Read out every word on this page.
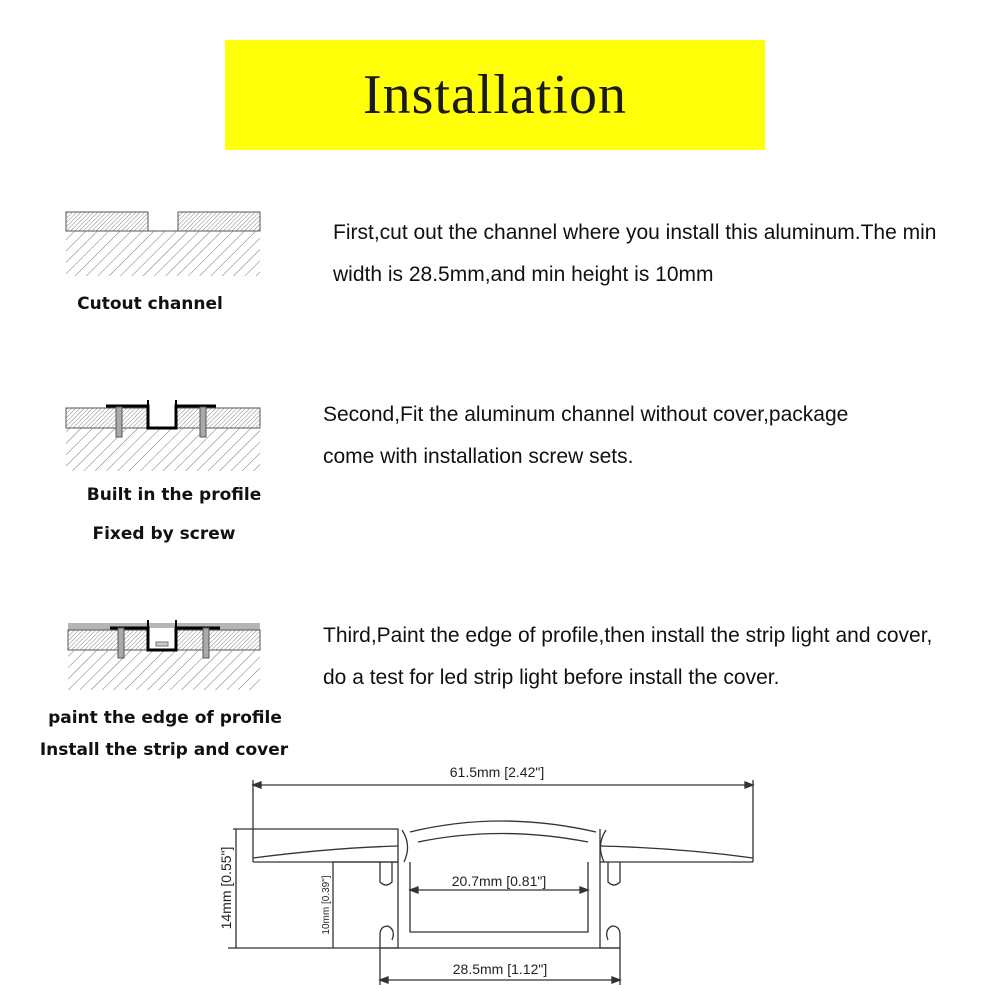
Installation
First,cut out the channel where you install this aluminum.The min width is 28.5mm,and min height is 10mm
Second,Fit the aluminum channel without cover,package come with installation screw sets.
Third,Paint the edge of profile,then install the strip light and cover, do a test for led strip light before install the cover.
Cutout channel
Built in the profile
Fixed by screw
paint the edge of profile
Install the strip and cover
61.5mm [2.42"]
20.7mm [0.81"]
28.5mm [1.12"]
14mm [0.55"]	10mm [0.39"]
